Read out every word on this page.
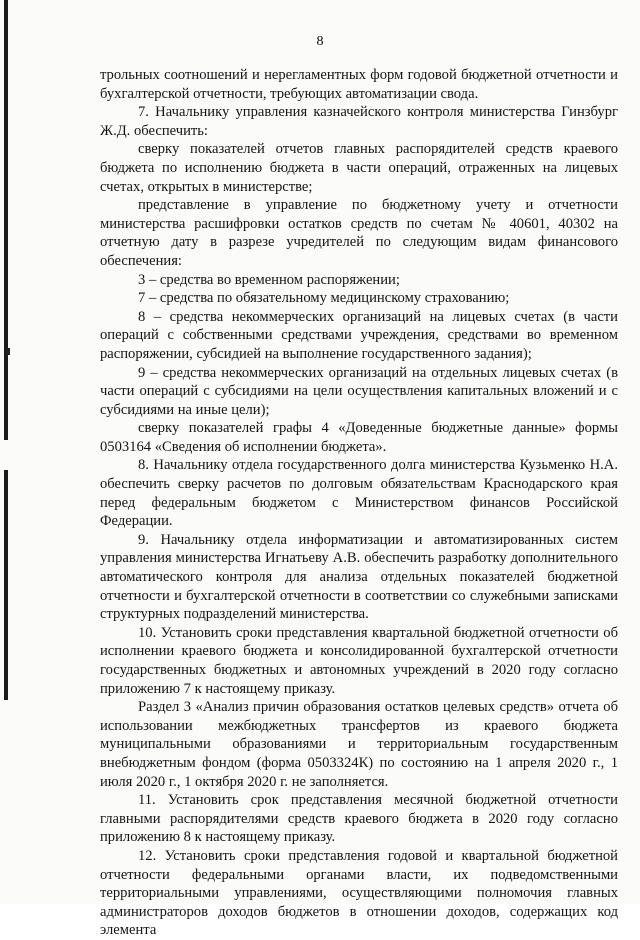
8

трольных соотношений и нерегламентных форм годовой бюджетной отчетности и бухгалтерской отчетности, требующих автоматизации свода.

7. Начальнику управления казначейского контроля министерства Гинзбург Ж.Д. обеспечить:

сверку показателей отчетов главных распорядителей средств краевого бюджета по исполнению бюджета в части операций, отраженных на лицевых счетах, открытых в министерстве;

представление в управление по бюджетному учету и отчетности министерства расшифровки остатков средств по счетам № 40601, 40302 на отчетную дату в разрезе учредителей по следующим видам финансового обеспечения:

3 – средства во временном распоряжении;

7 – средства по обязательному медицинскому страхованию;

8 – средства некоммерческих организаций на лицевых счетах (в части операций с собственными средствами учреждения, средствами во временном распоряжении, субсидией на выполнение государственного задания);

9 – средства некоммерческих организаций на отдельных лицевых счетах (в части операций с субсидиями на цели осуществления капитальных вложений и с субсидиями на иные цели);

сверку показателей графы 4 «Доведенные бюджетные данные» формы 0503164 «Сведения об исполнении бюджета».

8. Начальнику отдела государственного долга министерства Кузьменко Н.А. обеспечить сверку расчетов по долговым обязательствам Краснодарского края перед федеральным бюджетом с Министерством финансов Российской Федерации.

9. Начальнику отдела информатизации и автоматизированных систем управления министерства Игнатьеву А.В. обеспечить разработку дополнительного автоматического контроля для анализа отдельных показателей бюджетной отчетности и бухгалтерской отчетности в соответствии со служебными записками структурных подразделений министерства.

10. Установить сроки представления квартальной бюджетной отчетности об исполнении краевого бюджета и консолидированной бухгалтерской отчетности государственных бюджетных и автономных учреждений в 2020 году согласно приложению 7 к настоящему приказу.

Раздел 3 «Анализ причин образования остатков целевых средств» отчета об использовании межбюджетных трансфертов из краевого бюджета муниципальными образованиями и территориальным государственным внебюджетным фондом (форма 0503324К) по состоянию на 1 апреля 2020 г., 1 июля 2020 г., 1 октября 2020 г. не заполняется.

11. Установить срок представления месячной бюджетной отчетности главными распорядителями средств краевого бюджета в 2020 году согласно приложению 8 к настоящему приказу.

12. Установить сроки представления годовой и квартальной бюджетной отчетности федеральными органами власти, их подведомственными территориальными управлениями, осуществляющими полномочия главных администраторов доходов бюджетов в отношении доходов, содержащих код элемента
